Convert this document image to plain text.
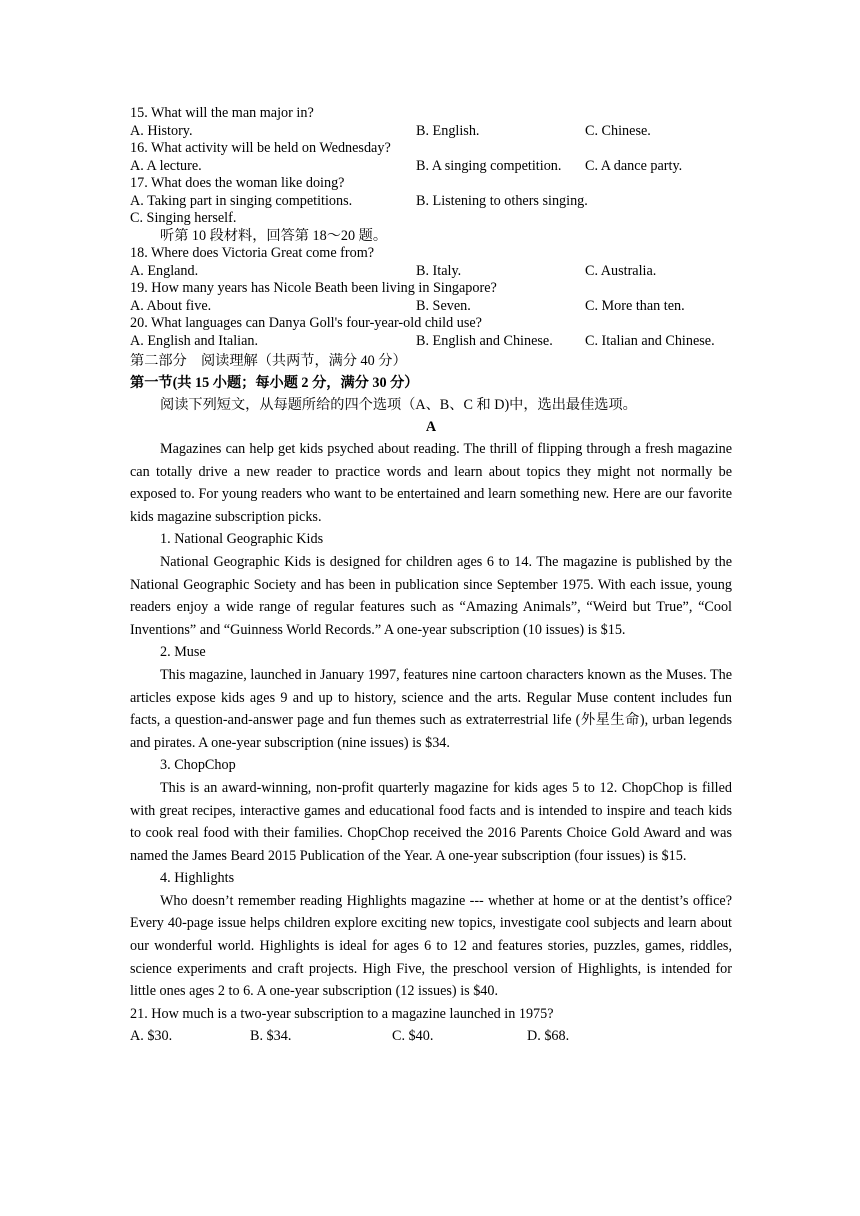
15. What will the man major in?
A. History.	B. English.	C. Chinese.
16. What activity will be held on Wednesday?
A. A lecture.	B. A singing competition. C. A dance party.
17. What does the woman like doing?
A. Taking part in singing competitions.	B. Listening to others singing.
C. Singing herself.
听第 10 段材料，回答第 18～20 题。
18. Where does Victoria Great come from?
A. England.	B. Italy.	C. Australia.
19. How many years has Nicole Beath been living in Singapore?
A. About five.	B. Seven.	C. More than ten.
20. What languages can Danya Goll's four-year-old child use?
A. English and Italian.	B. English and Chinese. C. Italian and Chinese.
第二部分　阅读理解（共两节，满分 40 分）
第一节(共 15 小题；每小题 2 分，满分 30 分）
阅读下列短文，从每题所给的四个选项（A、B、C 和 D)中，选出最佳选项。
A

Magazines can help get kids psyched about reading. The thrill of flipping through a fresh magazine can totally drive a new reader to practice words and learn about topics they might not normally be exposed to. For young readers who want to be entertained and learn something new. Here are our favorite kids magazine subscription picks.

1. National Geographic Kids

National Geographic Kids is designed for children ages 6 to 14. The magazine is published by the National Geographic Society and has been in publication since September 1975. With each issue, young readers enjoy a wide range of regular features such as “Amazing Animals”, “Weird but True”, “Cool Inventions” and “Guinness World Records.” A one-year subscription (10 issues) is $15.

2. Muse

This magazine, launched in January 1997, features nine cartoon characters known as the Muses. The articles expose kids ages 9 and up to history, science and the arts. Regular Muse content includes fun facts, a question-and-answer page and fun themes such as extraterrestrial life (外星生命), urban legends and pirates. A one-year subscription (nine issues) is $34.

3. ChopChop

This is an award-winning, non-profit quarterly magazine for kids ages 5 to 12. ChopChop is filled with great recipes, interactive games and educational food facts and is intended to inspire and teach kids to cook real food with their families. ChopChop received the 2016 Parents Choice Gold Award and was named the James Beard 2015 Publication of the Year. A one-year subscription (four issues) is $15.

4. Highlights

Who doesn’t remember reading Highlights magazine --- whether at home or at the dentist’s office? Every 40-page issue helps children explore exciting new topics, investigate cool subjects and learn about our wonderful world. Highlights is ideal for ages 6 to 12 and features stories, puzzles, games, riddles, science experiments and craft projects. High Five, the preschool version of Highlights, is intended for little ones ages 2 to 6. A one-year subscription (12 issues) is $40.

21. How much is a two-year subscription to a magazine launched in 1975?
A. $30.	B. $34.	C. $40.	D. $68.
